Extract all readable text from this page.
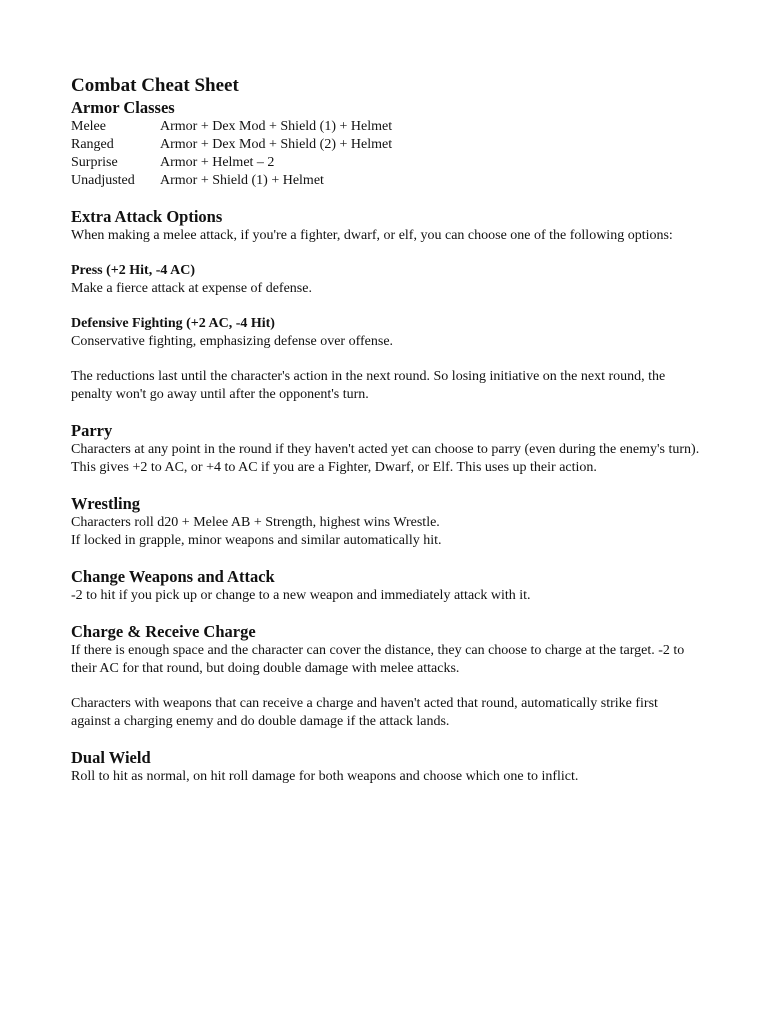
Combat Cheat Sheet
Armor Classes
Melee	Armor + Dex Mod + Shield (1) + Helmet
Ranged	Armor + Dex Mod + Shield (2) + Helmet
Surprise	Armor + Helmet – 2
Unadjusted	Armor + Shield (1) + Helmet
Extra Attack Options

When making a melee attack, if you're a fighter, dwarf, or elf, you can choose one of the following options:

Press (+2 Hit, -4 AC)

Make a fierce attack at expense of defense.

Defensive Fighting (+2 AC, -4 Hit)

Conservative fighting, emphasizing defense over offense.

The reductions last until the character's action in the next round. So losing initiative on the next round, the penalty won't go away until after the opponent's turn.

Parry

Characters at any point in the round if they haven't acted yet can choose to parry (even during the enemy's turn). This gives +2 to AC, or +4 to AC if you are a Fighter, Dwarf, or Elf. This uses up their action.

Wrestling

Characters roll d20 + Melee AB + Strength, highest wins Wrestle.

If locked in grapple, minor weapons and similar automatically hit.

Change Weapons and Attack

-2 to hit if you pick up or change to a new weapon and immediately attack with it.

Charge & Receive Charge

If there is enough space and the character can cover the distance, they can choose to charge at the target. -2 to their AC for that round, but doing double damage with melee attacks.

Characters with weapons that can receive a charge and haven't acted that round, automatically strike first against a charging enemy and do double damage if the attack lands.

Dual Wield

Roll to hit as normal, on hit roll damage for both weapons and choose which one to inflict.
